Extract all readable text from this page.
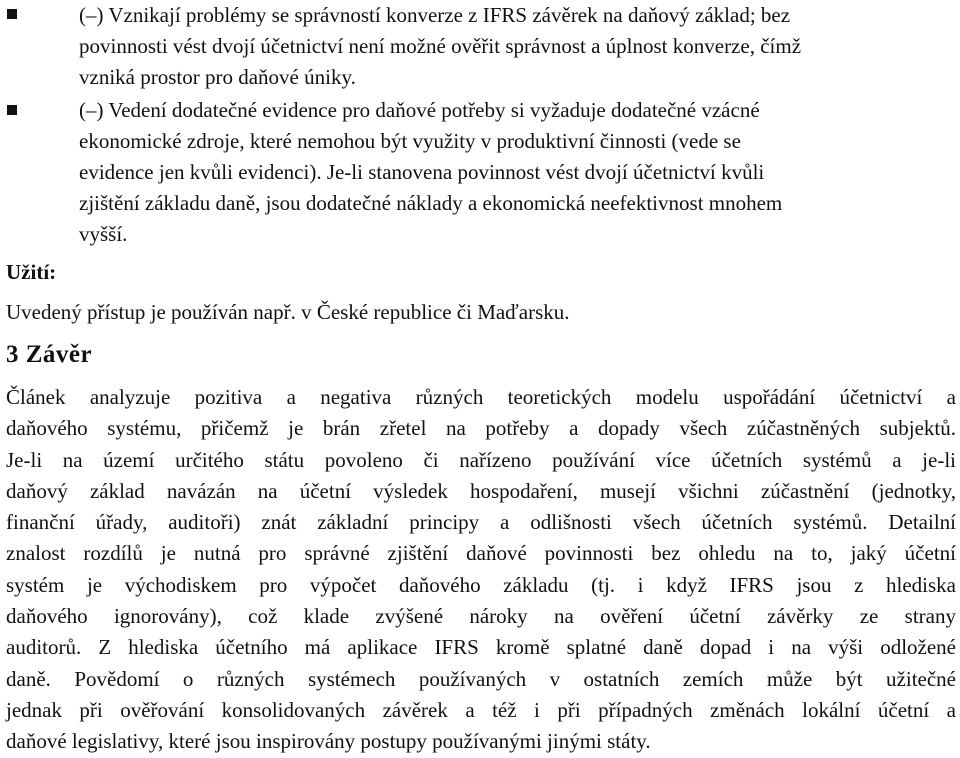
(–) Vznikají problémy se správností konverze z IFRS závěrek na daňový základ; bez
povinnosti vést dvojí účetnictví není možné ověřit správnost a úplnost konverze, čímž
vzniká prostor pro daňové úniky.
(–) Vedení dodatečné evidence pro daňové potřeby si vyžaduje dodatečné vzácné
ekonomické zdroje, které nemohou být využity v produktivní činnosti (vede se
evidence jen kvůli evidenci). Je-li stanovena povinnost vést dvojí účetnictví kvůli
zjištění základu daně, jsou dodatečné náklady a ekonomická neefektivnost mnohem
vyšší.
Užití:
Uvedený přístup je používán např. v České republice či Maďarsku.
3 Závěr
Článek analyzuje pozitiva a negativa různých teoretických modelu uspořádání účetnictví a
daňového systému, přičemž je brán zřetel na potřeby a dopady všech zúčastněných subjektů.
Je-li na území určitého státu povoleno či nařízeno používání více účetních systémů a je-li
daňový základ navázán na účetní výsledek hospodaření, musejí všichni zúčastnění (jednotky,
finanční úřady, auditoři) znát základní principy a odlišnosti všech účetních systémů. Detailní
znalost rozdílů je nutná pro správné zjištění daňové povinnosti bez ohledu na to, jaký účetní
systém je východiskem pro výpočet daňového základu (tj. i když IFRS jsou z hlediska
daňového ignorovány), což klade zvýšené nároky na ověření účetní závěrky ze strany
auditorů. Z hlediska účetního má aplikace IFRS kromě splatné daně dopad i na výši odložené
daně. Povědomí o různých systémech používaných v ostatních zemích může být užitečné
jednak při ověřování konsolidovaných závěrek a též i při případných změnách lokální účetní a
daňové legislativy, které jsou inspirovány postupy používanými jinými státy.
